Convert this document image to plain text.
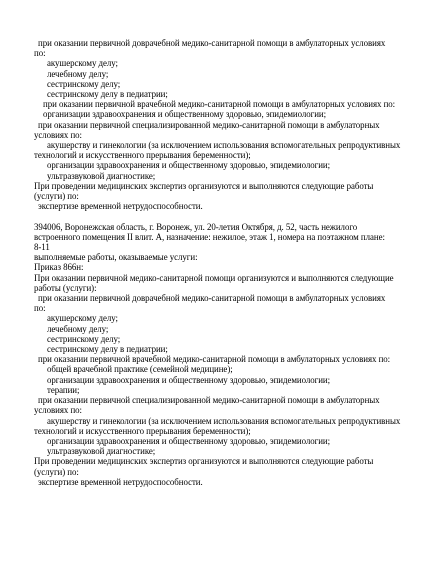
при оказании первичной доврачебной медико-санитарной помощи в амбулаторных условиях
по:
акушерскому делу;
лечебному делу;
сестринскому делу;
сестринскому делу в педиатрии;
при оказании первичной врачебной медико-санитарной помощи в амбулаторных условиях по:
организации здравоохранения и общественному здоровью, эпидемиологии;
при оказании первичной специализированной медико-санитарной помощи в амбулаторных
условиях по:
акушерству и гинекологии (за исключением использования вспомогательных репродуктивных
технологий и искусственного прерывания беременности);
организации здравоохранения и общественному здоровью, эпидемиологии;
ультразвуковой диагностике;
При проведении медицинских экспертиз организуются и выполняются следующие работы
(услуги) по:
экспертизе временной нетрудоспособности.
394006, Воронежская область, г. Воронеж, ул. 20-летия Октября, д. 52, часть нежилого
встроенного помещения II влит. А, назначение: нежилое, этаж 1, номера на поэтажном плане:
8-11
выполняемые работы, оказываемые услуги:
Приказ 866н:
При оказании первичной медико-санитарной помощи организуются и выполняются следующие
работы (услуги):
при оказании первичной доврачебной медико-санитарной помощи в амбулаторных условиях
по:
акушерскому делу;
лечебному делу;
сестринскому делу;
сестринскому делу в педиатрии;
при оказании первичной врачебной медико-санитарной помощи в амбулаторных условиях по:
общей врачебной практике (семейной медицине);
организации здравоохранения и общественному здоровью, эпидемиологии;
терапии;
при оказании первичной специализированной медико-санитарной помощи в амбулаторных
условиях по:
акушерству и гинекологии (за исключением использования вспомогательных репродуктивных
технологий и искусственного прерывания беременности);
организации здравоохранения и общественному здоровью, эпидемиологии;
ультразвуковой диагностике;
При проведении медицинских экспертиз организуются и выполняются следующие работы
(услуги) по:
экспертизе временной нетрудоспособности.
